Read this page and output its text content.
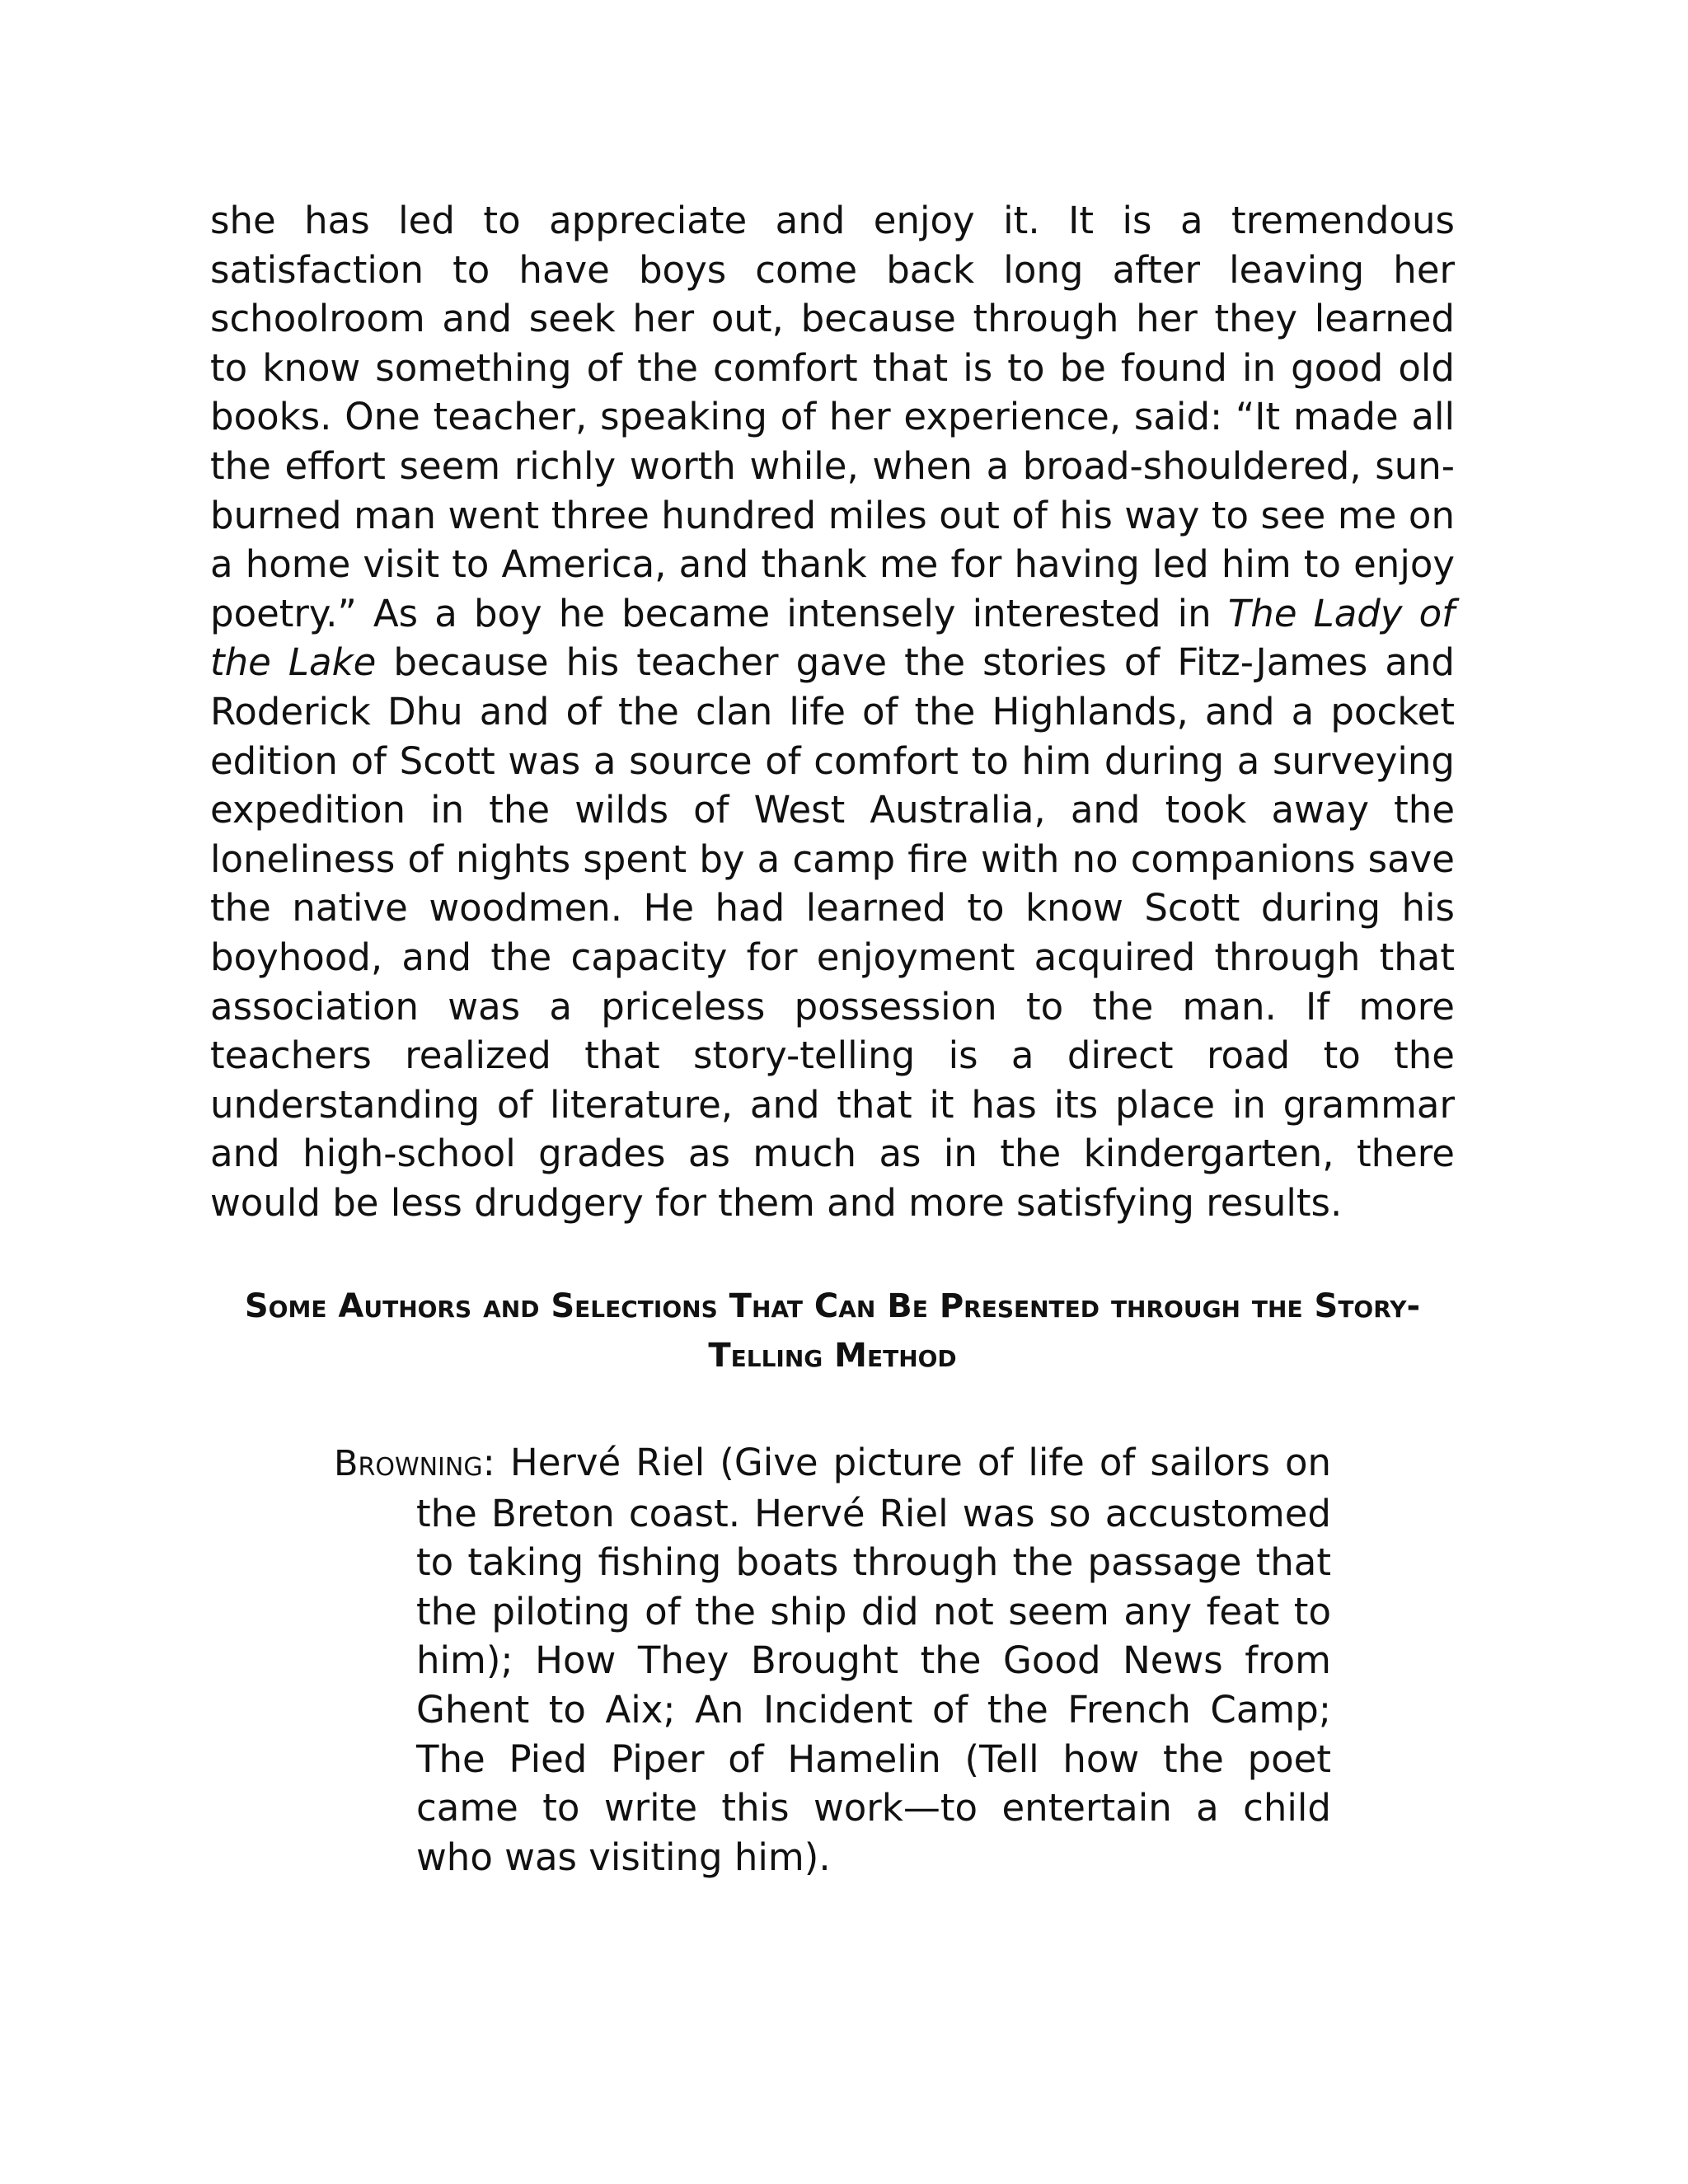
she has led to appreciate and enjoy it. It is a tremendous satisfaction to have boys come back long after leaving her schoolroom and seek her out, because through her they learned to know something of the comfort that is to be found in good old books. One teacher, speaking of her experience, said: “It made all the effort seem richly worth while, when a broad-shouldered, sun-burned man went three hundred miles out of his way to see me on a home visit to America, and thank me for having led him to enjoy poetry.” As a boy he became intensely interested in The Lady of the Lake because his teacher gave the stories of Fitz-James and Roderick Dhu and of the clan life of the Highlands, and a pocket edition of Scott was a source of comfort to him during a surveying expedition in the wilds of West Australia, and took away the loneliness of nights spent by a camp fire with no companions save the native woodmen. He had learned to know Scott during his boyhood, and the capacity for enjoyment acquired through that association was a priceless possession to the man. If more teachers realized that story-telling is a direct road to the understanding of literature, and that it has its place in grammar and high-school grades as much as in the kindergarten, there would be less drudgery for them and more satisfying results.

Some Authors and Selections That Can Be Presented through the Story-Telling Method

Browning: Hervé Riel (Give picture of life of sailors on the Breton coast. Hervé Riel was so accustomed to taking fishing boats through the passage that the piloting of the ship did not seem any feat to him); How They Brought the Good News from Ghent to Aix; An Incident of the French Camp; The Pied Piper of Hamelin (Tell how the poet came to write this work—to entertain a child who was visiting him).
